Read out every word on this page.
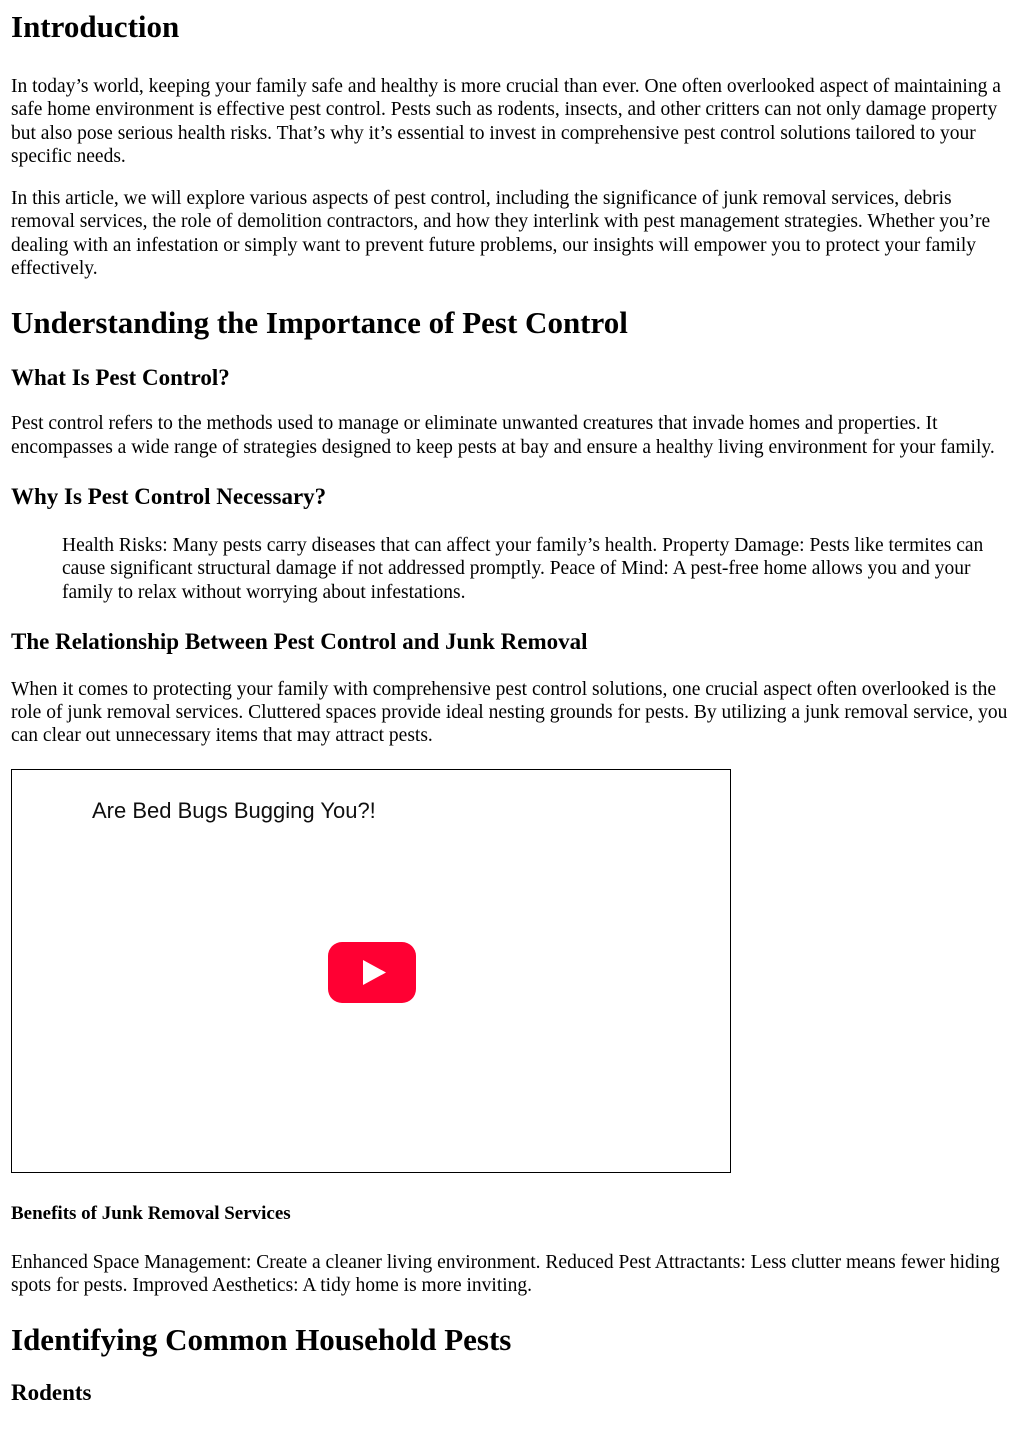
Introduction

In today’s world, keeping your family safe and healthy is more crucial than ever. One often overlooked aspect of maintaining a safe home environment is effective pest control. Pests such as rodents, insects, and other critters can not only damage property but also pose serious health risks. That’s why it’s essential to invest in comprehensive pest control solutions tailored to your specific needs.

In this article, we will explore various aspects of pest control, including the significance of junk removal services, debris removal services, the role of demolition contractors, and how they interlink with pest management strategies. Whether you’re dealing with an infestation or simply want to prevent future problems, our insights will empower you to protect your family effectively.

Understanding the Importance of Pest Control
What Is Pest Control?

Pest control refers to the methods used to manage or eliminate unwanted creatures that invade homes and properties. It encompasses a wide range of strategies designed to keep pests at bay and ensure a healthy living environment for your family.

Why Is Pest Control Necessary?
Health Risks: Many pests carry diseases that can affect your family’s health. Property Damage: Pests like termites can cause significant structural damage if not addressed promptly. Peace of Mind: A pest-free home allows you and your family to relax without worrying about infestations.
The Relationship Between Pest Control and Junk Removal

When it comes to protecting your family with comprehensive pest control solutions, one crucial aspect often overlooked is the role of junk removal services. Cluttered spaces provide ideal nesting grounds for pests. By utilizing a junk removal service, you can clear out unnecessary items that may attract pests.

Are Bed Bugs Bugging You?!
Benefits of Junk Removal Services

Enhanced Space Management: Create a cleaner living environment. Reduced Pest Attractants: Less clutter means fewer hiding spots for pests. Improved Aesthetics: A tidy home is more inviting.

Identifying Common Household Pests
Rodents
